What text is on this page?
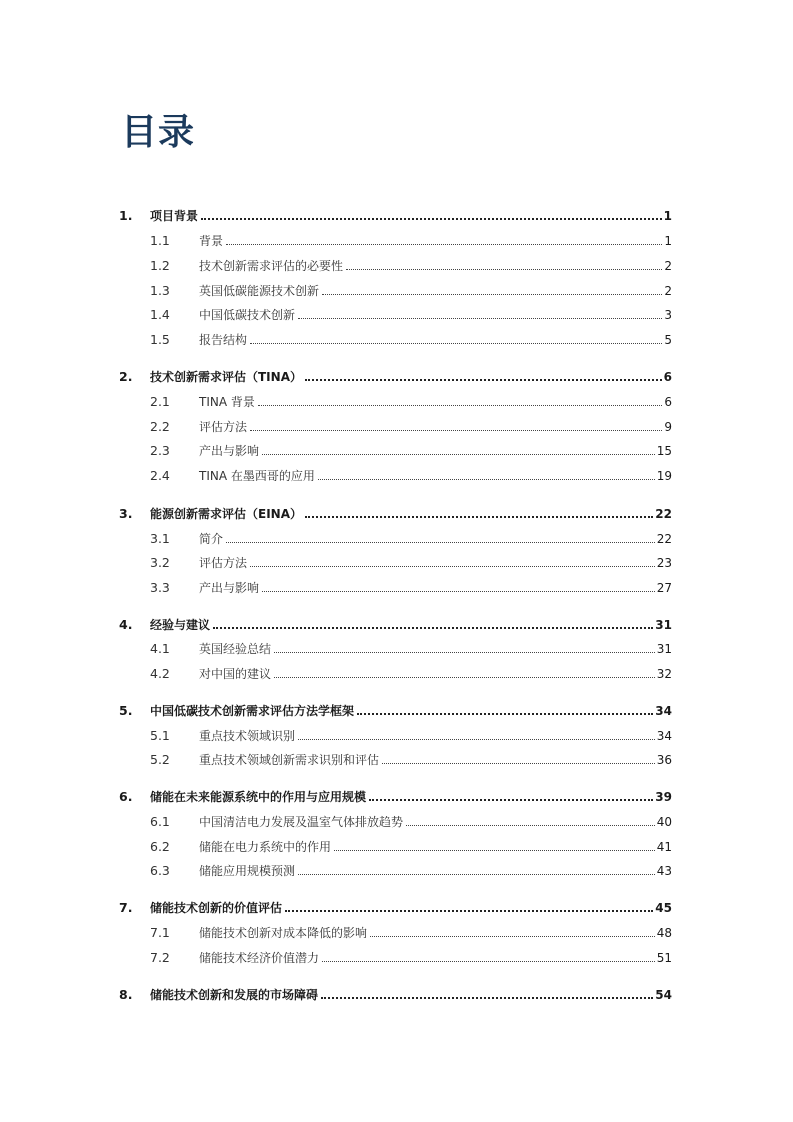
目录
1.	项目背景	1
1.1	背景	1
1.2	技术创新需求评估的必要性	2
1.3	英国低碳能源技术创新	2
1.4	中国低碳技术创新	3
1.5	报告结构	5
2.	技术创新需求评估（TINA）	6
2.1	TINA 背景	6
2.2	评估方法	9
2.3	产出与影响	15
2.4	TINA 在墨西哥的应用	19
3.	能源创新需求评估（EINA）	22
3.1	简介	22
3.2	评估方法	23
3.3	产出与影响	27
4.	经验与建议	31
4.1	英国经验总结	31
4.2	对中国的建议	32
5.	中国低碳技术创新需求评估方法学框架	34
5.1	重点技术领域识别	34
5.2	重点技术领域创新需求识别和评估	36
6.	储能在未来能源系统中的作用与应用规模	39
6.1	中国清洁电力发展及温室气体排放趋势	40
6.2	储能在电力系统中的作用	41
6.3	储能应用规模预测	43
7.	储能技术创新的价值评估	45
7.1	储能技术创新对成本降低的影响	48
7.2	储能技术经济价值潜力	51
8.	储能技术创新和发展的市场障碍	54
